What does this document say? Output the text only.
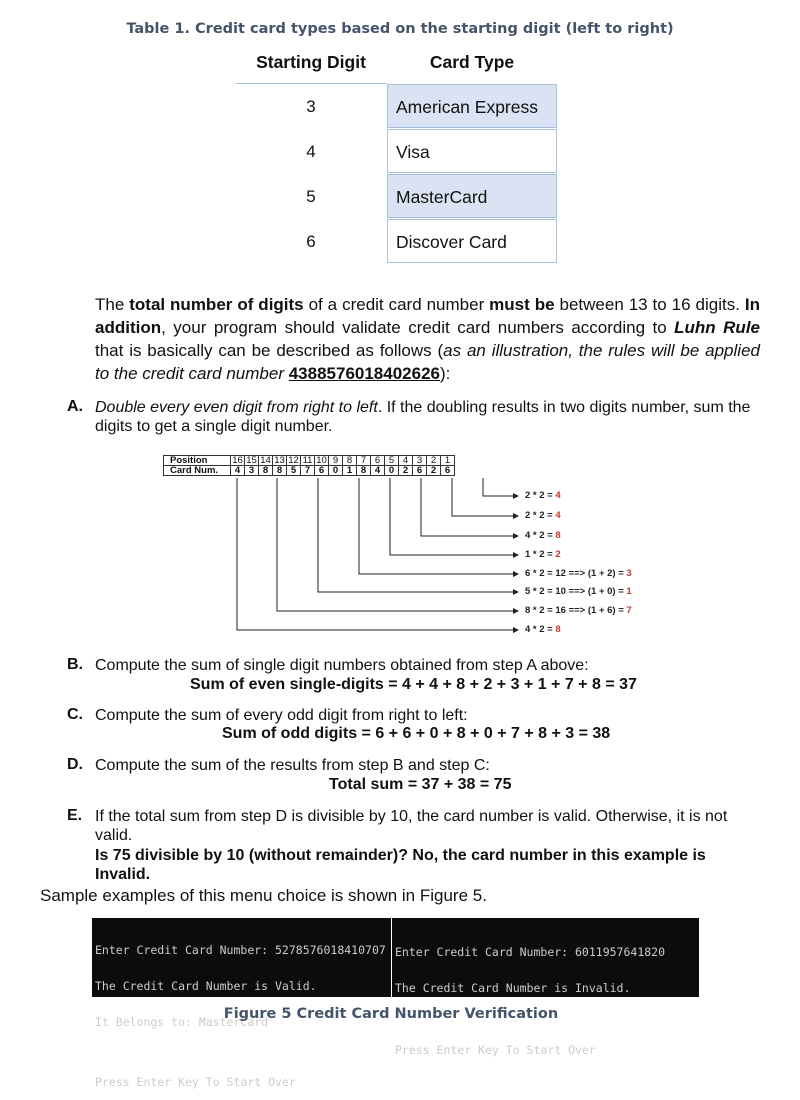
Table 1. Credit card types based on the starting digit (left to right)
Starting Digit	Card Type
3	American Express
4	Visa
5	MasterCard
6	Discover Card
The total number of digits of a credit card number must be between 13 to 16 digits. In addition, your program should validate credit card numbers according to Luhn Rule that is basically can be described as follows (as an illustration, the rules will be applied to the credit card number 4388576018402626):
A. Double every even digit from right to left. If the doubling results in two digits number, sum the digits to get a single digit number.
Position	16	15	14	13	12	11	10	9	8	7	6	5	4	3	2	1
Card Num.	4	3	8	8	5	7	6	0	1	8	4	0	2	6	2	6
2 * 2 = 4
2 * 2 = 4
4 * 2 = 8
1 * 2 = 2
6 * 2 = 12 ==> (1 + 2) = 3
5 * 2 = 10 ==> (1 + 0) = 1
8 * 2 = 16 ==> (1 + 6) = 7
4 * 2 = 8
B. Compute the sum of single digit numbers obtained from step A above:
Sum of even single-digits = 4 + 4 + 8 + 2 + 3 + 1 + 7 + 8 = 37
C. Compute the sum of every odd digit from right to left:
Sum of odd digits = 6 + 6 + 0 + 8 + 0 + 7 + 8 + 3 = 38
D. Compute the sum of the results from step B and step C:
Total sum = 37 + 38 = 75
E. If the total sum from step D is divisible by 10, the card number is valid. Otherwise, it is not valid.
Is 75 divisible by 10 (without remainder)? No, the card number in this example is Invalid.
Sample examples of this menu choice is shown in Figure 5.

Enter Credit Card Number: 5278576018410707

The Credit Card Number is Valid.

It Belongs to: MasterCard

Press Enter Key To Start Over

Enter Credit Card Number: 6011957641820

The Credit Card Number is Invalid.

Press Enter Key To Start Over

Figure 5 Credit Card Number Verification
